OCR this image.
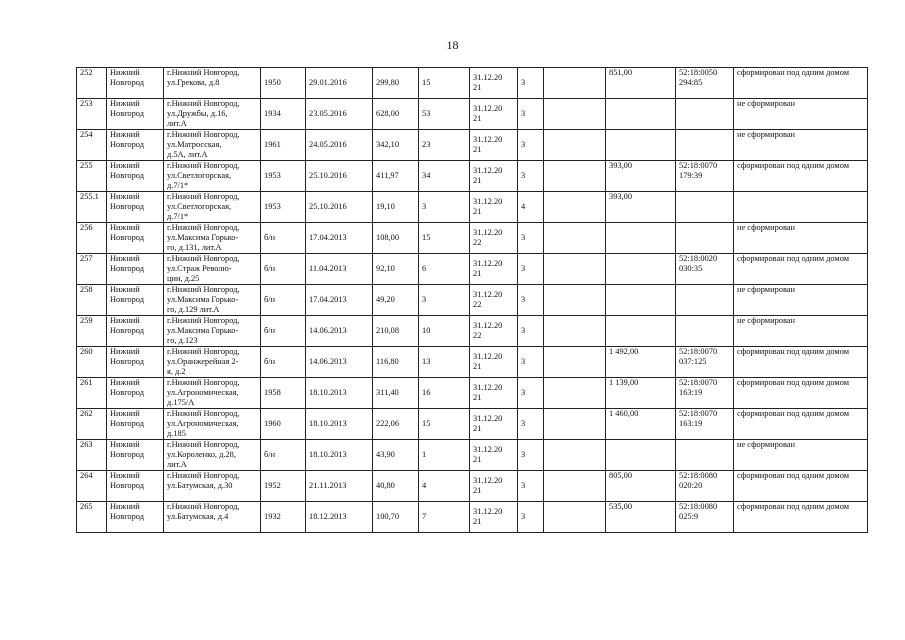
18
252	Нижний Новгород	г.Нижний Новгород,
ул.Грекова, д.8	1950	29.01.2016	299,80	15	31.12.20
21	3		851,00	52:18:0050
294:85	сформирован под одним домом
253	Нижний Новгород	г.Нижний Новгород,
ул.Дружбы, д.16,
лит.А	1934	23.05.2016	628,00	53	31.12.20
21	3				не сформирован
254	Нижний Новгород	г.Нижний Новгород,
ул.Матросская,
д.5А, лит.А	1961	24.05.2016	342,10	23	31.12.20
21	3				не сформирован
255	Нижний Новгород	г.Нижний Новгород,
ул.Светлогорская,
д.7/1*	1953	25.10.2016	411,97	34	31.12.20
21	3		393,00	52:18:0070
179:39	сформирован под одним домом
255.1	Нижний Новгород	г.Нижний Новгород,
ул.Светлогорская,
д.7/1*	1953	25.10.2016	19,10	3	31.12.20
21	4		393,00		
256	Нижний Новгород	г.Нижний Новгород,
ул.Максима Горько-
го, д.131, лит.А	б/н	17.04.2013	108,00	15	31.12.20
22	3				не сформирован
257	Нижний Новгород	г.Нижний Новгород,
ул.Страж Револю-
ции, д.25	б/н	11.04.2013	92,10	6	31.12.20
21	3			52:18:0020
030:35	сформирован под одним домом
258	Нижний Новгород	г.Нижний Новгород,
ул.Максима Горько-
го, д.129 лит.А	б/н	17.04.2013	49,20	3	31.12.20
22	3				не сформирован
259	Нижний Новгород	г.Нижний Новгород,
ул.Максима Горько-
го, д.123	б/н	14.06.2013	210,08	10	31.12.20
22	3				не сформирован
260	Нижний Новгород	г.Нижний Новгород,
ул.Оранжерейная 2-
я, д.2	б/н	14.06.2013	116,80	13	31.12.20
21	3		1 492,00	52:18:0070
037:125	сформирован под одним домом
261	Нижний Новгород	г.Нижний Новгород,
ул.Агрономическая,
д.175/А	1958	18.10.2013	311,40	16	31.12.20
21	3		1 139,00	52:18:0070
163:19	сформирован под одним домом
262	Нижний Новгород	г.Нижний Новгород,
ул.Агрономическая,
д.185	1960	18.10.2013	222,06	15	31.12.20
21	3		1 460,00	52:18:0070
163:19	сформирован под одним домом
263	Нижний Новгород	г.Нижний Новгород,
ул.Короленко, д.28,
лит.А	б/н	18.10.2013	43,90	1	31.12.20
21	3				не сформирован
264	Нижний Новгород	г.Нижний Новгород,
ул.Батумская, д.30	1952	21.11.2013	40,80	4	31.12.20
21	3		805,00	52:18:0080
020:20	сформирован под одним домом
265	Нижний Новгород	г.Нижний Новгород,
ул.Батумская, д.4	1932	18.12.2013	100,70	7	31.12.20
21	3		535,00	52:18:0080
025:9	сформирован под одним домом
